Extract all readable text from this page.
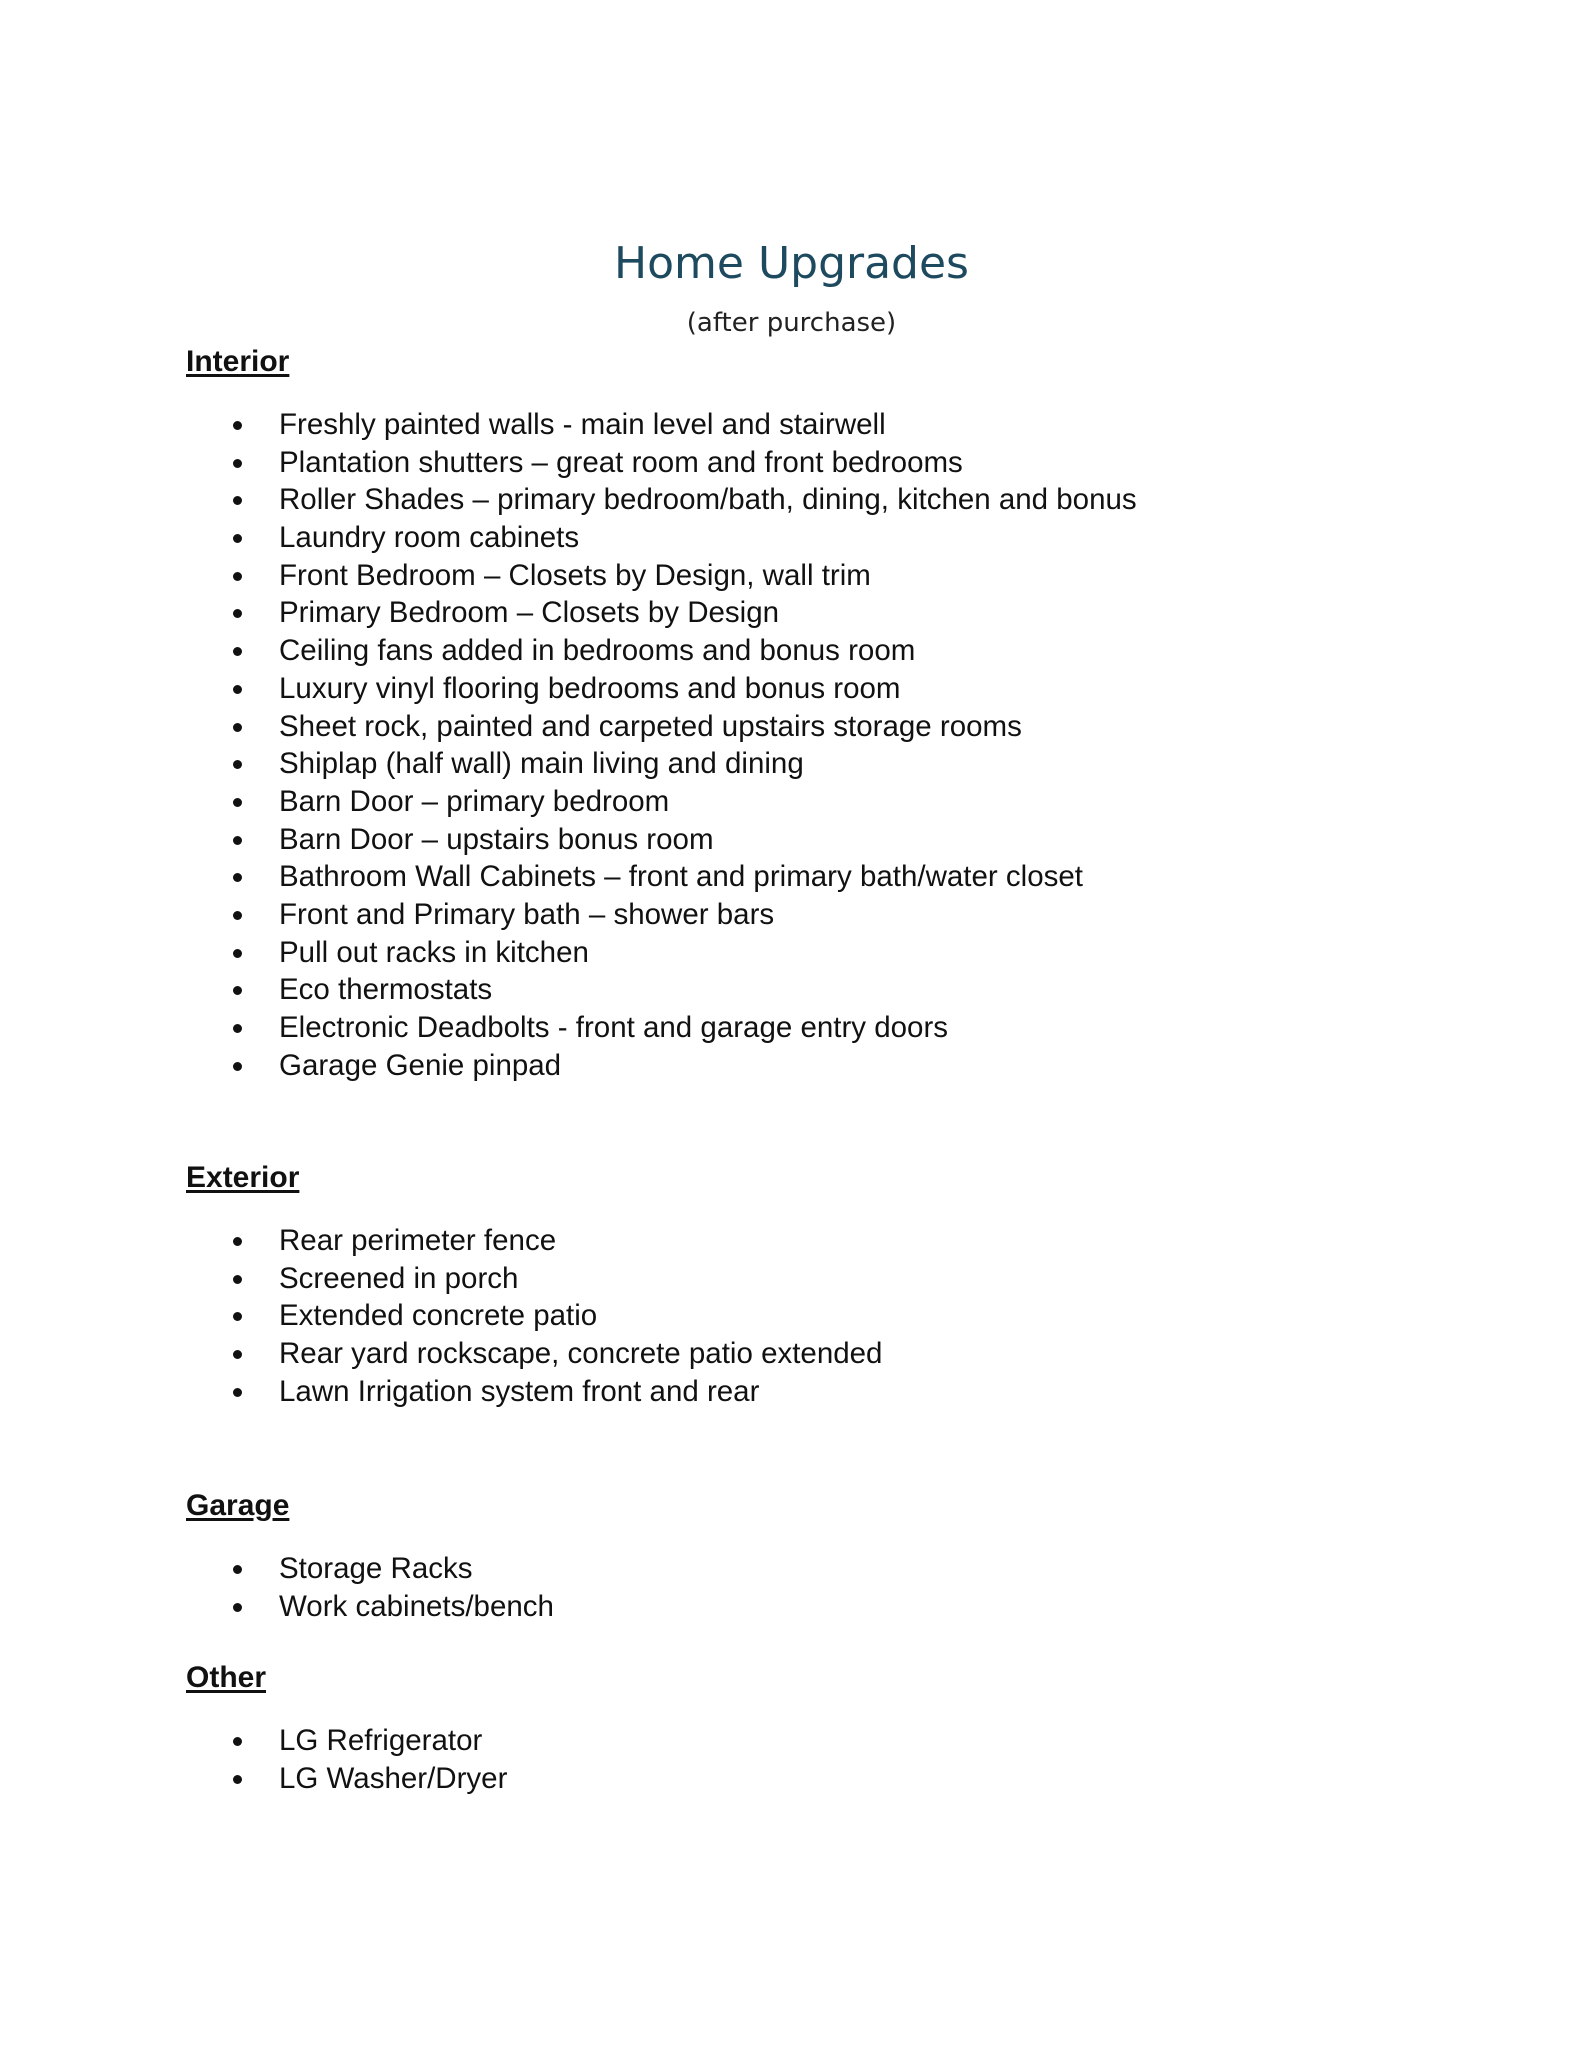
Home Upgrades
(after purchase)
Interior
Freshly painted walls - main level and stairwell
Plantation shutters – great room and front bedrooms
Roller Shades – primary bedroom/bath, dining, kitchen and bonus
Laundry room cabinets
Front Bedroom – Closets by Design, wall trim
Primary Bedroom – Closets by Design
Ceiling fans added in bedrooms and bonus room
Luxury vinyl flooring bedrooms and bonus room
Sheet rock, painted and carpeted upstairs storage rooms
Shiplap (half wall) main living and dining
Barn Door – primary bedroom
Barn Door – upstairs bonus room
Bathroom Wall Cabinets – front and primary bath/water closet
Front and Primary bath – shower bars
Pull out racks in kitchen
Eco thermostats
Electronic Deadbolts - front and garage entry doors
Garage Genie pinpad
Exterior
Rear perimeter fence
Screened in porch
Extended concrete patio
Rear yard rockscape, concrete patio extended
Lawn Irrigation system front and rear
Garage
Storage Racks
Work cabinets/bench
Other
LG Refrigerator
LG Washer/Dryer
